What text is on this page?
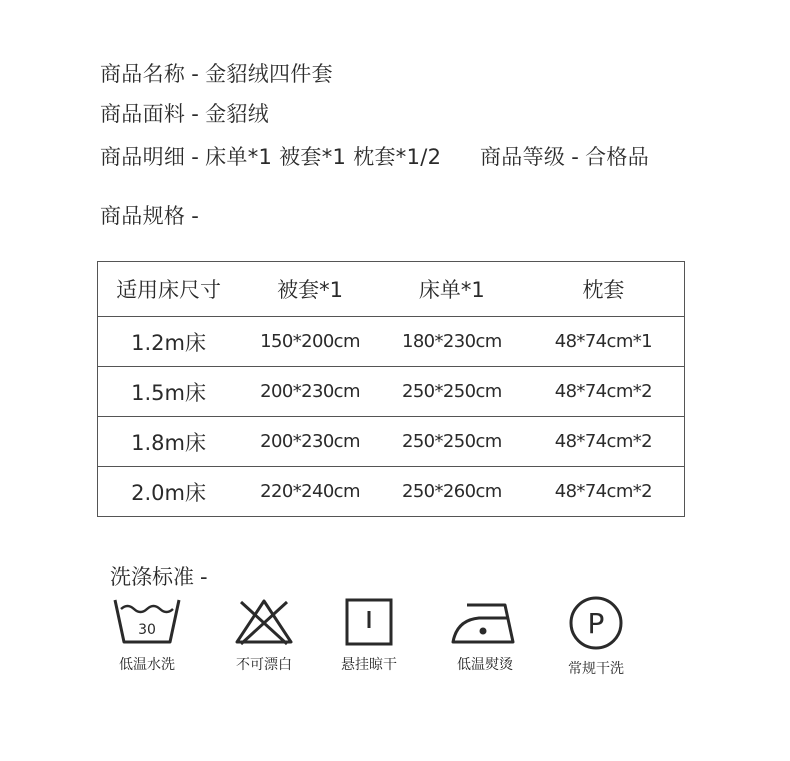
商品名称 - 金貂绒四件套
商品面料 - 金貂绒
商品明细 - 床单*1 被套*1 枕套*1/2 商品等级 - 合格品
商品规格 -
适用床尺寸	被套*1	床单*1	枕套
1.2m床	150*200cm	180*230cm	48*74cm*1
1.5m床	200*230cm	250*250cm	48*74cm*2
1.8m床	200*230cm	250*250cm	48*74cm*2
2.0m床	220*240cm	250*260cm	48*74cm*2
洗涤标准 -
30
低温水洗	不可漂白	悬挂晾干	低温熨烫
P
常规干洗
